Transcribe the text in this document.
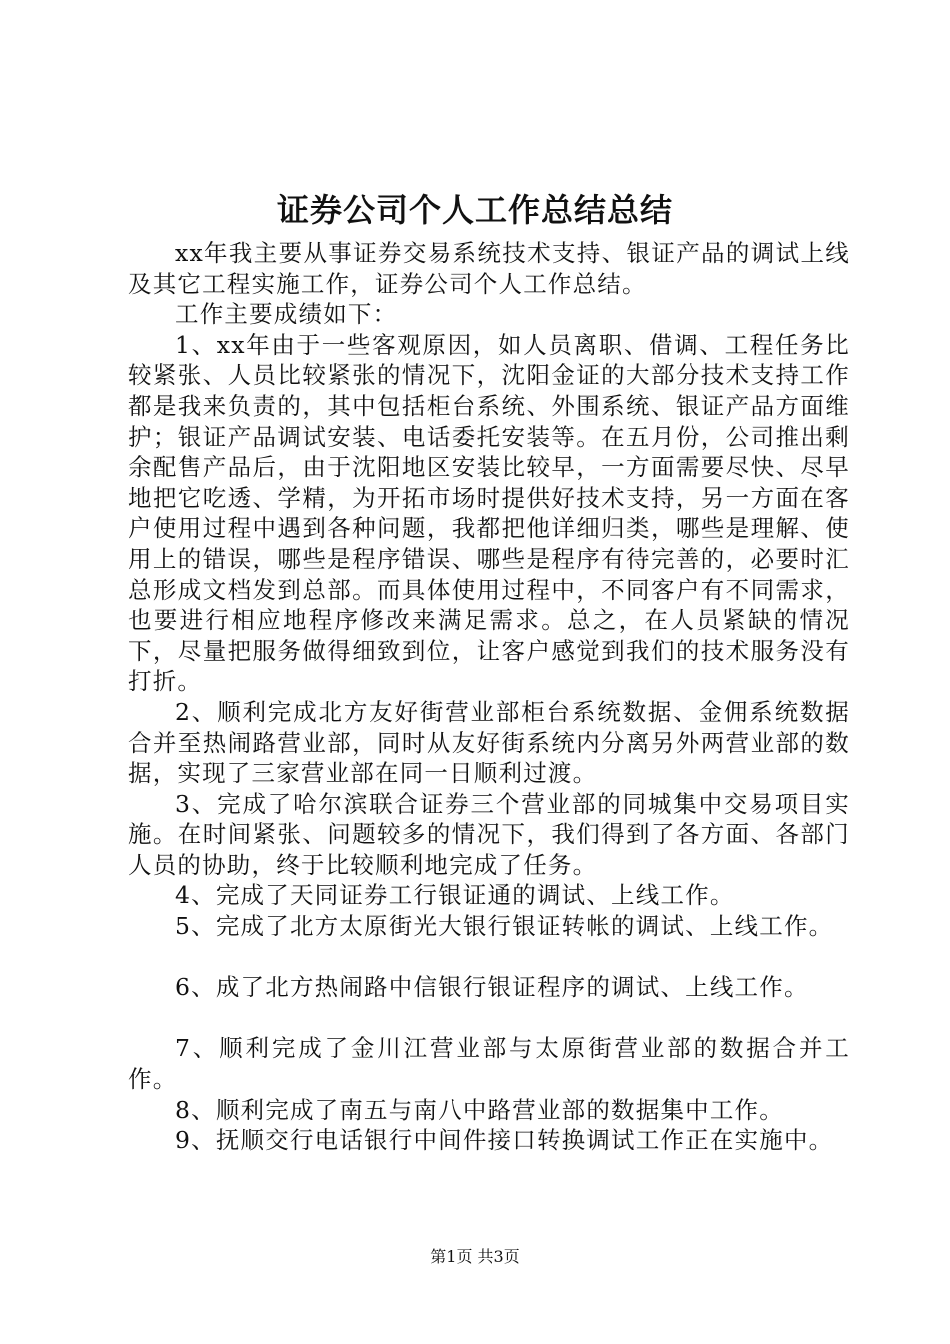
证券公司个人工作总结总结

xx年我主要从事证券交易系统技术支持、银证产品的调试上线及其它工程实施工作，证券公司个人工作总结。

工作主要成绩如下：

1、xx年由于一些客观原因，如人员离职、借调、工程任务比较紧张、人员比较紧张的情况下，沈阳金证的大部分技术支持工作都是我来负责的，其中包括柜台系统、外围系统、银证产品方面维护；银证产品调试安装、电话委托安装等。在五月份，公司推出剩余配售产品后，由于沈阳地区安装比较早，一方面需要尽快、尽早地把它吃透、学精，为开拓市场时提供好技术支持，另一方面在客户使用过程中遇到各种问题，我都把他详细归类，哪些是理解、使用上的错误，哪些是程序错误、哪些是程序有待完善的，必要时汇总形成文档发到总部。而具体使用过程中，不同客户有不同需求，也要进行相应地程序修改来满足需求。总之，在人员紧缺的情况下，尽量把服务做得细致到位，让客户感觉到我们的技术服务没有打折。

2、顺利完成北方友好街营业部柜台系统数据、金佣系统数据合并至热闹路营业部，同时从友好街系统内分离另外两营业部的数据，实现了三家营业部在同一日顺利过渡。

3、完成了哈尔滨联合证券三个营业部的同城集中交易项目实施。在时间紧张、问题较多的情况下，我们得到了各方面、各部门人员的协助，终于比较顺利地完成了任务。

4、完成了天同证券工行银证通的调试、上线工作。

5、完成了北方太原街光大银行银证转帐的调试、上线工作。

6、成了北方热闹路中信银行银证程序的调试、上线工作。

7、顺利完成了金川江营业部与太原街营业部的数据合并工作。

8、顺利完成了南五与南八中路营业部的数据集中工作。

9、抚顺交行电话银行中间件接口转换调试工作正在实施中。

第1页 共3页
